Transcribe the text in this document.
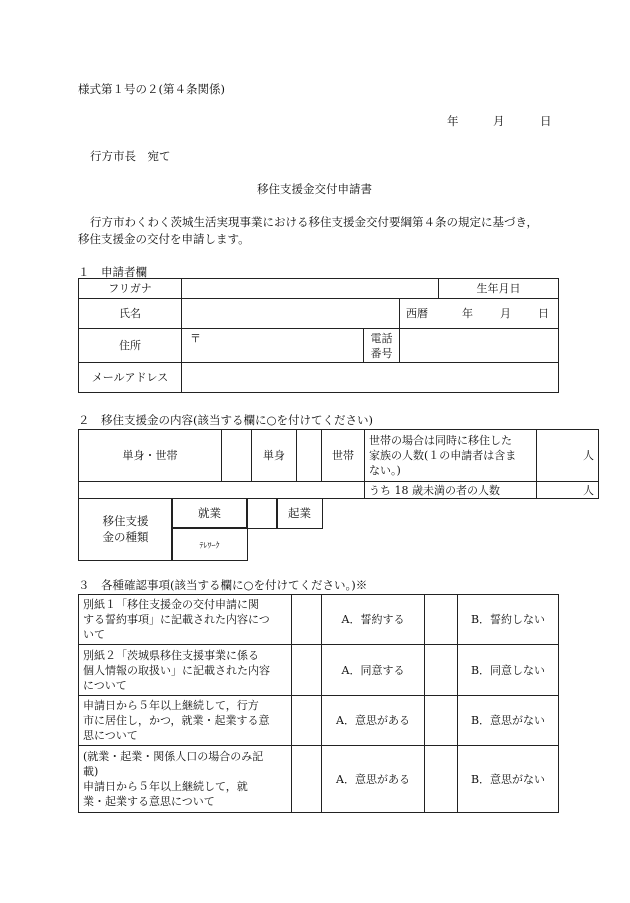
様式第１号の２(第４条関係)
年	月	日
行方市長　宛て
移住支援金交付申請書
行方市わくわく茨城生活実現事業における移住支援金交付要綱第４条の規定に基づき，
移住支援金の交付を申請します。
１　申請者欄
フリガナ				生年月日
氏名			西暦 年 月 日	

住所	〒	電話
番号		

メールアドレス				
２　移住支援金の内容(該当する欄に○を付けてください)
単身・世帯		単身		世帯	世帯の場合は同時に移住した
家族の人数(１の申請者は含ま
ない。)	人
					うち 18 歳未満の者の人数	人
移住支援
金の種類
就業	起業
ﾃﾚﾜｰｸ
３　各種確認事項(該当する欄に○を付けてください。)※
別紙１「移住支援金の交付申請に関
する誓約事項」に記載された内容につ
いて		A．誓約する		B．誓約しない

別紙２「茨城県移住支援事業に係る
個人情報の取扱い」に記載された内容
について		A．同意する		B．同意しない

申請日から５年以上継続して，行方
市に居住し，かつ，就業・起業する意
思について		A．意思がある		B．意思がない

(就業・起業・関係人口の場合のみ記
載)
申請日から５年以上継続して，就
業・起業する意思について		A．意思がある		B．意思がない
